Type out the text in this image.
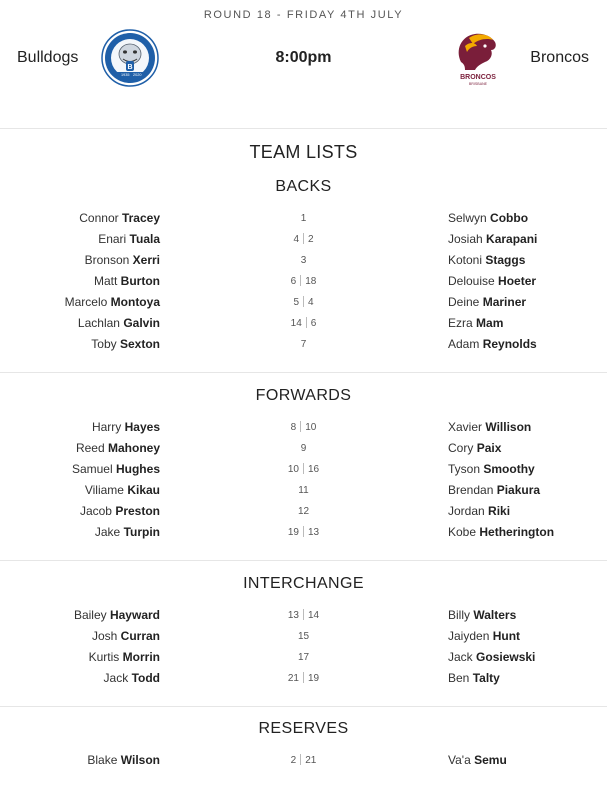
ROUND 18 - FRIDAY 4TH JULY
Bulldogs
B
1935 2020
8:00pm
BRONCOS
BRISBANE
Broncos
TEAM LISTS
BACKS
Connor Tracey	1	Selwyn Cobbo
Enari Tuala	4 2	Josiah Karapani
Bronson Xerri	3	Kotoni Staggs
Matt Burton	6 18	Delouise Hoeter
Marcelo Montoya	5 4	Deine Mariner
Lachlan Galvin	14 6	Ezra Mam
Toby Sexton	7	Adam Reynolds
FORWARDS
Harry Hayes	8 10	Xavier Willison
Reed Mahoney	9	Cory Paix
Samuel Hughes	10 16	Tyson Smoothy
Viliame Kikau	11	Brendan Piakura
Jacob Preston	12	Jordan Riki
Jake Turpin	19 13	Kobe Hetherington
INTERCHANGE
Bailey Hayward	13 14	Billy Walters
Josh Curran	15	Jaiyden Hunt
Kurtis Morrin	17	Jack Gosiewski
Jack Todd	21 19	Ben Talty
RESERVES
Blake Wilson	2 21	Va'a Semu
